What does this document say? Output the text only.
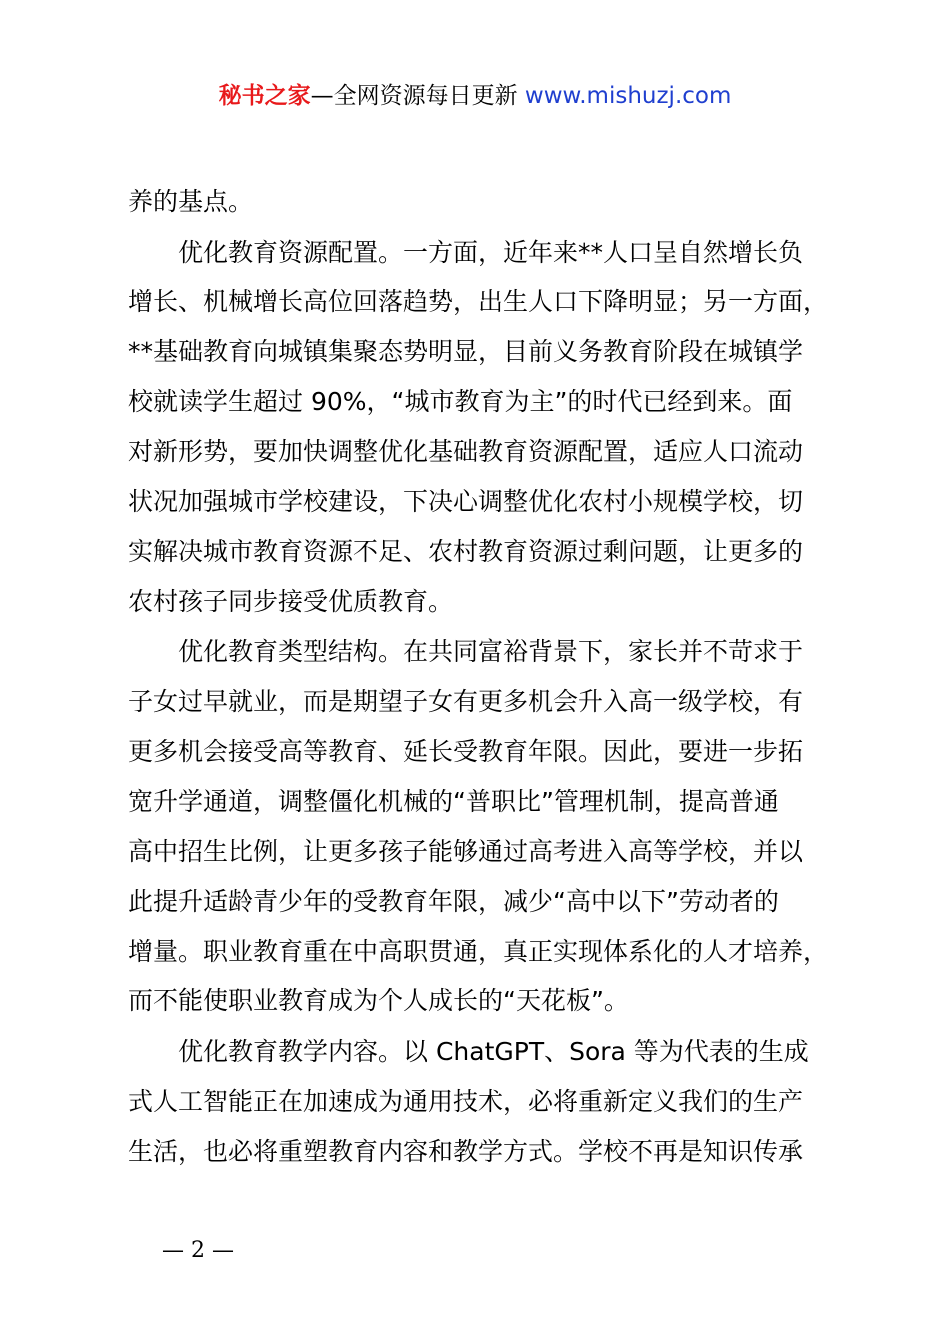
秘书之家—全网资源每日更新 www.mishuzj.com
养的基点。
　　优化教育资源配置。一方面，近年来**人口呈自然增长负
增长、机械增长高位回落趋势，出生人口下降明显；另一方面，
**基础教育向城镇集聚态势明显，目前义务教育阶段在城镇学
校就读学生超过 90%，“城市教育为主”的时代已经到来。面
对新形势，要加快调整优化基础教育资源配置，适应人口流动
状况加强城市学校建设，下决心调整优化农村小规模学校，切
实解决城市教育资源不足、农村教育资源过剩问题，让更多的
农村孩子同步接受优质教育。
　　优化教育类型结构。在共同富裕背景下，家长并不苛求于
子女过早就业，而是期望子女有更多机会升入高一级学校，有
更多机会接受高等教育、延长受教育年限。因此，要进一步拓
宽升学通道，调整僵化机械的“普职比”管理机制，提高普通
高中招生比例，让更多孩子能够通过高考进入高等学校，并以
此提升适龄青少年的受教育年限，减少“高中以下”劳动者的
增量。职业教育重在中高职贯通，真正实现体系化的人才培养，
而不能使职业教育成为个人成长的“天花板”。
　　优化教育教学内容。以 ChatGPT、Sora 等为代表的生成
式人工智能正在加速成为通用技术，必将重新定义我们的生产
生活，也必将重塑教育内容和教学方式。学校不再是知识传承
— 2 —
